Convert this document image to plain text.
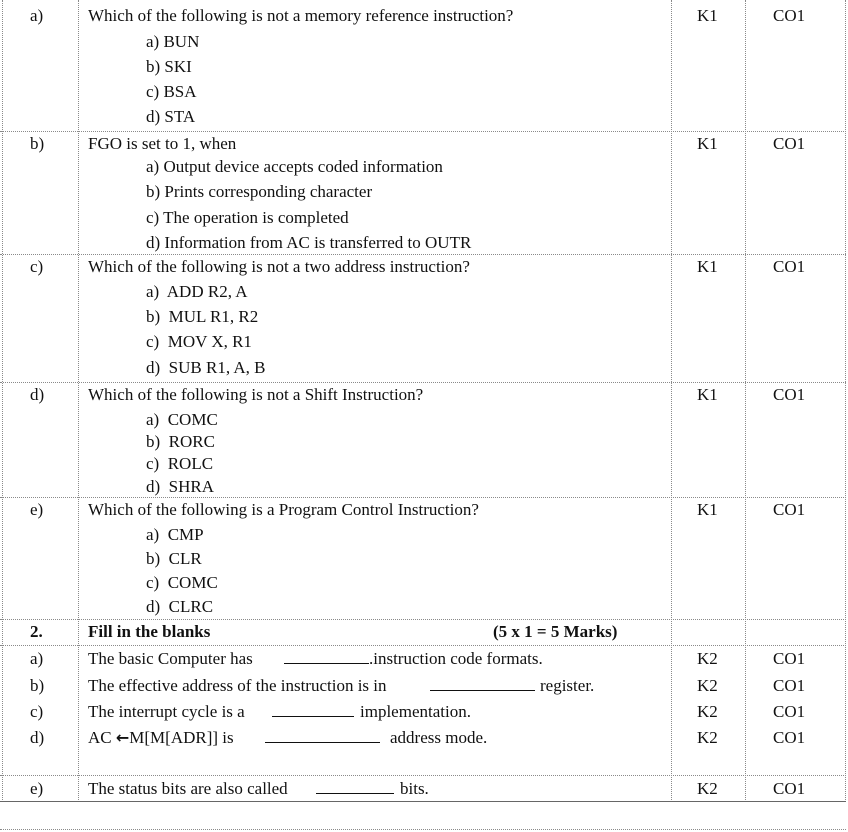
a)	Which of the following is not a memory reference instruction?
a) BUN
b) SKI
c) BSA
d) STA
K1	CO1
b)	FGO is set to 1, when
a) Output device accepts coded information
b) Prints corresponding character
c) The operation is completed
d) Information from AC is transferred to OUTR
K1	CO1
c)	Which of the following is not a two address instruction?
a)  ADD R2, A
b)  MUL R1, R2
c)  MOV X, R1
d)  SUB R1, A, B
K1	CO1
d)	Which of the following is not a Shift Instruction?
a)  COMC
b)  RORC
c)  ROLC
d)  SHRA
K1	CO1
e)	Which of the following is a Program Control Instruction?
a)  CMP
b)  CLR
c)  COMC
d)  CLRC
K1	CO1
2.	Fill in the blanks	(5 x 1 = 5 Marks)
a)	The basic Computer has	.instruction code formats.	K2	CO1
b)	The effective address of the instruction is in	register.	K2	CO1
c)	The interrupt cycle is a	implementation.	K2	CO1
d)	AC ←M[M[ADR]] is	address mode.	K2	CO1
e)	The status bits are also called	bits.	K2	CO1
